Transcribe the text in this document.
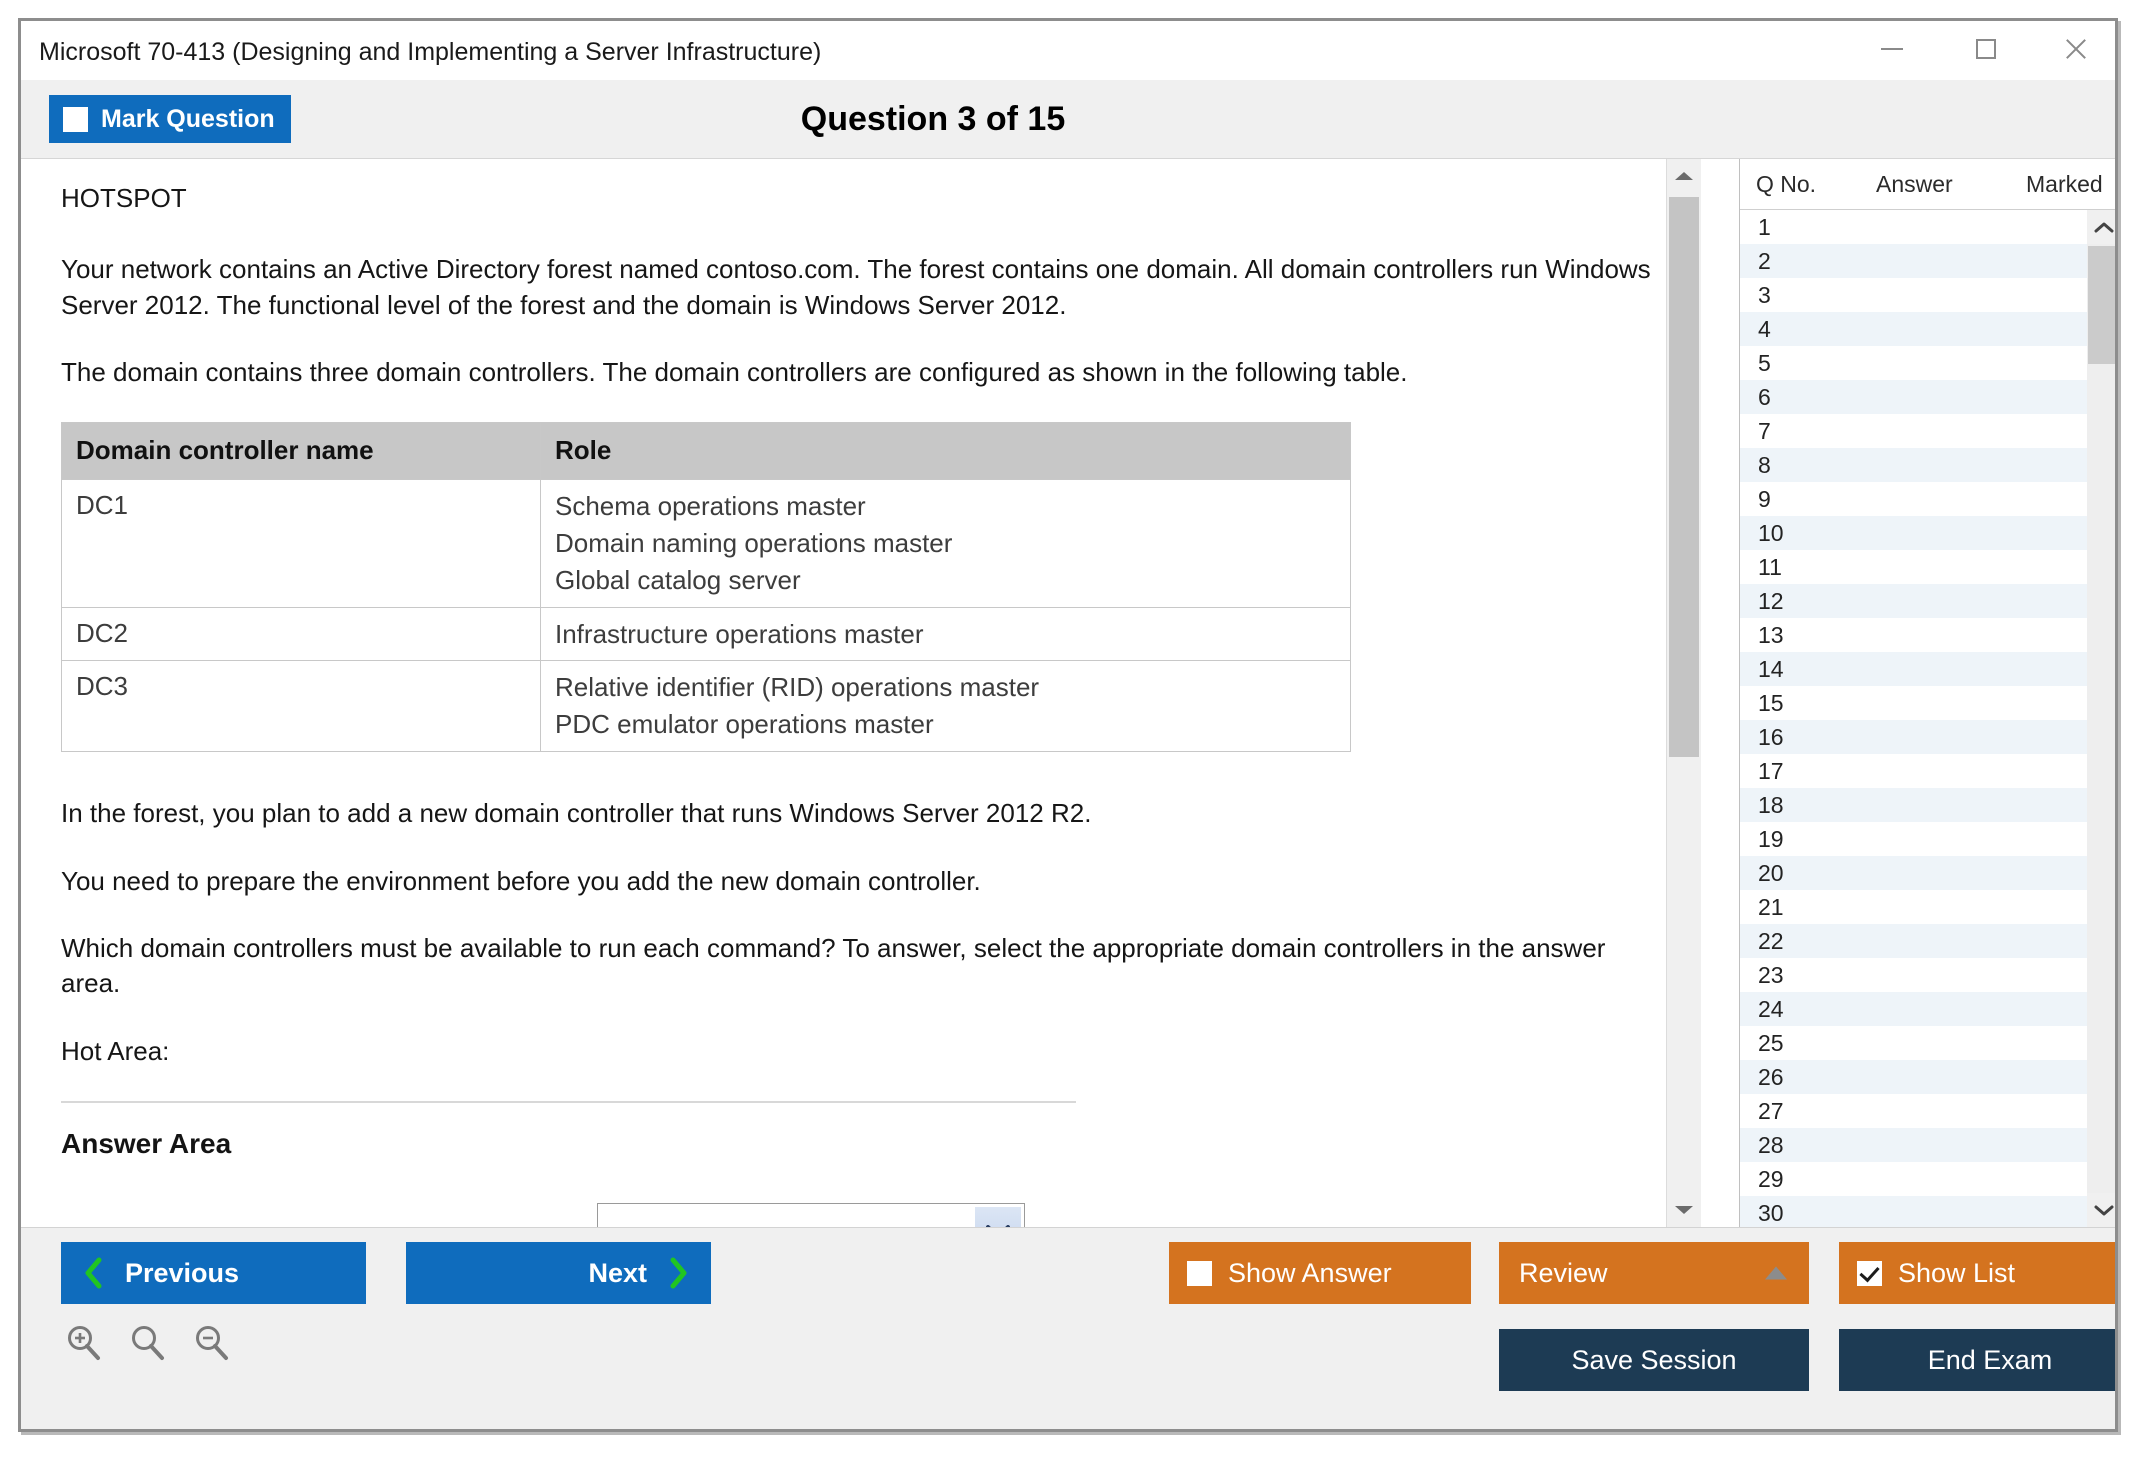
Microsoft 70-413 (Designing and Implementing a Server Infrastructure)
Mark Question	Question 3 of 15

HOTSPOT

Your network contains an Active Directory forest named contoso.com. The forest contains one domain. All domain controllers run Windows Server 2012. The functional level of the forest and the domain is Windows Server 2012.

The domain contains three domain controllers. The domain controllers are configured as shown in the following table.

Domain controller name	Role
DC1	Schema operations master
Domain naming operations master
Global catalog server

DC2	Infrastructure operations master

DC3	Relative identifier (RID) operations master
PDC emulator operations master

In the forest, you plan to add a new domain controller that runs Windows Server 2012 R2.

You need to prepare the environment before you add the new domain controller.

Which domain controllers must be available to run each command? To answer, select the appropriate domain controllers in the answer area.

Hot Area:

Answer Area
Q No.	Answer	Marked
1
2
3
4
5
6
7
8
9
10
11
12
13
14
15
16
17
18
19
20
21
22
23
24
25
26
27
28
29
30
Previous	Next	Show Answer	Review	Show List
Save Session	End Exam
